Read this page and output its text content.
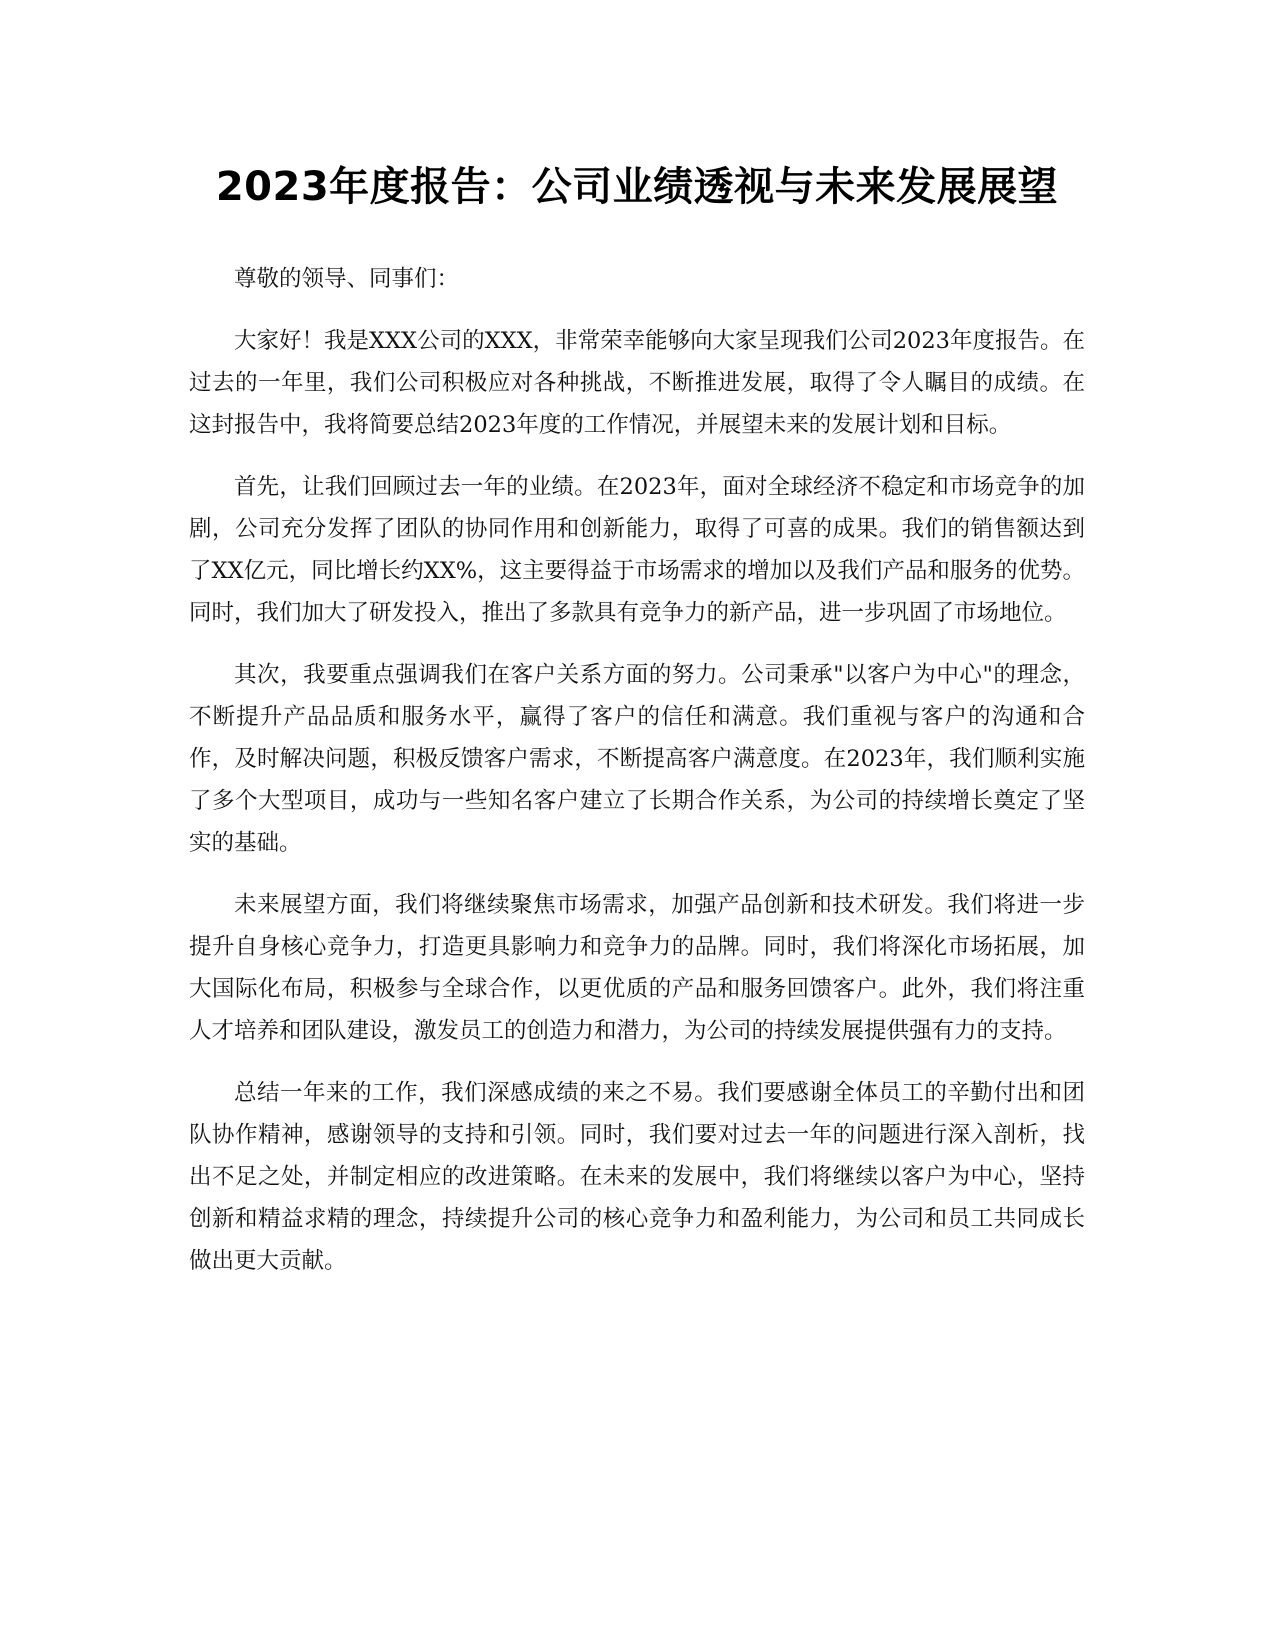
2023年度报告：公司业绩透视与未来发展展望

尊敬的领导、同事们：

大家好！我是XXX公司的XXX，非常荣幸能够向大家呈现我们公司2023年度报告。在过去的一年里，我们公司积极应对各种挑战，不断推进发展，取得了令人瞩目的成绩。在这封报告中，我将简要总结2023年度的工作情况，并展望未来的发展计划和目标。

首先，让我们回顾过去一年的业绩。在2023年，面对全球经济不稳定和市场竞争的加剧，公司充分发挥了团队的协同作用和创新能力，取得了可喜的成果。我们的销售额达到了XX亿元，同比增长约XX%，这主要得益于市场需求的增加以及我们产品和服务的优势。同时，我们加大了研发投入，推出了多款具有竞争力的新产品，进一步巩固了市场地位。

其次，我要重点强调我们在客户关系方面的努力。公司秉承"以客户为中心"的理念，不断提升产品品质和服务水平，赢得了客户的信任和满意。我们重视与客户的沟通和合作，及时解决问题，积极反馈客户需求，不断提高客户满意度。在2023年，我们顺利实施了多个大型项目，成功与一些知名客户建立了长期合作关系，为公司的持续增长奠定了坚实的基础。

未来展望方面，我们将继续聚焦市场需求，加强产品创新和技术研发。我们将进一步提升自身核心竞争力，打造更具影响力和竞争力的品牌。同时，我们将深化市场拓展，加大国际化布局，积极参与全球合作，以更优质的产品和服务回馈客户。此外，我们将注重人才培养和团队建设，激发员工的创造力和潜力，为公司的持续发展提供强有力的支持。

总结一年来的工作，我们深感成绩的来之不易。我们要感谢全体员工的辛勤付出和团队协作精神，感谢领导的支持和引领。同时，我们要对过去一年的问题进行深入剖析，找出不足之处，并制定相应的改进策略。在未来的发展中，我们将继续以客户为中心，坚持创新和精益求精的理念，持续提升公司的核心竞争力和盈利能力，为公司和员工共同成长做出更大贡献。
